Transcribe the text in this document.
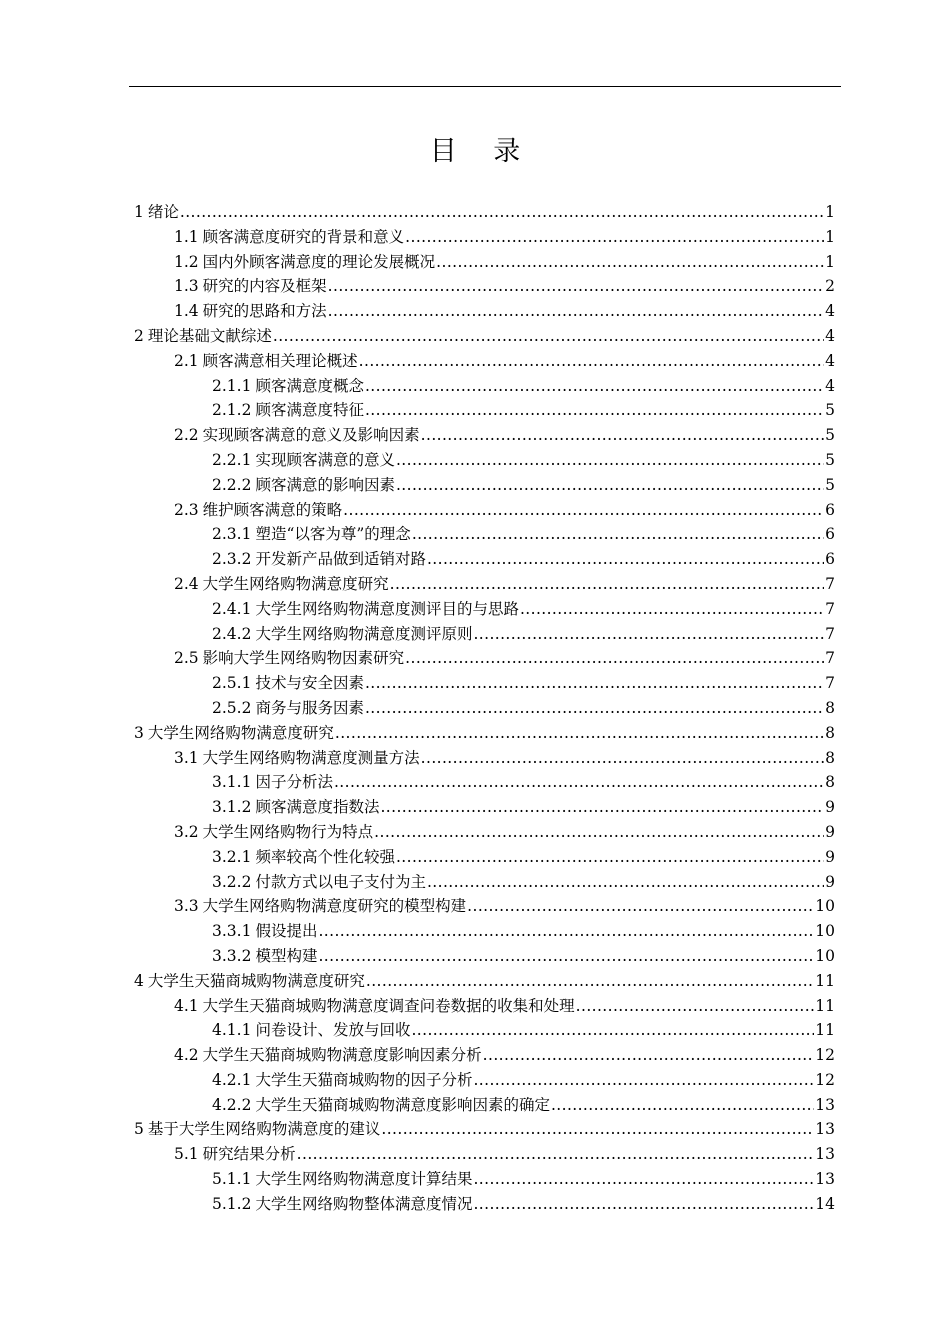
目 录
1 绪论 .....	1
1.1 顾客满意度研究的背景和意义 .....	1
1.2 国内外顾客满意度的理论发展概况 .....	1
1.3 研究的内容及框架 .....	2
1.4 研究的思路和方法 .....	4
2 理论基础文献综述 .....	4
2.1 顾客满意相关理论概述 .....	4
2.1.1 顾客满意度概念 .....	4
2.1.2 顾客满意度特征 .....	5
2.2 实现顾客满意的意义及影响因素 .....	5
2.2.1 实现顾客满意的意义 .....	5
2.2.2 顾客满意的影响因素 .....	5
2.3 维护顾客满意的策略 .....	6
2.3.1 塑造“以客为尊”的理念 .....	6
2.3.2 开发新产品做到适销对路 .....	6
2.4 大学生网络购物满意度研究 .....	7
2.4.1 大学生网络购物满意度测评目的与思路 .....	7
2.4.2 大学生网络购物满意度测评原则 .....	7
2.5 影响大学生网络购物因素研究 .....	7
2.5.1 技术与安全因素 .....	7
2.5.2 商务与服务因素 .....	8
3 大学生网络购物满意度研究 .....	8
3.1 大学生网络购物满意度测量方法 .....	8
3.1.1 因子分析法 .....	8
3.1.2 顾客满意度指数法 .....	9
3.2 大学生网络购物行为特点 .....	9
3.2.1 频率较高个性化较强 .....	9
3.2.2 付款方式以电子支付为主 .....	9
3.3 大学生网络购物满意度研究的模型构建 .....	10
3.3.1 假设提出 .....	10
3.3.2 模型构建 .....	10
4 大学生天猫商城购物满意度研究 .....	11
4.1 大学生天猫商城购物满意度调查问卷数据的收集和处理 .....	11
4.1.1 问卷设计、发放与回收 .....	11
4.2 大学生天猫商城购物满意度影响因素分析 .....	12
4.2.1 大学生天猫商城购物的因子分析 .....	12
4.2.2 大学生天猫商城购物满意度影响因素的确定 .....	13
5 基于大学生网络购物满意度的建议 .....	13
5.1 研究结果分析 .....	13
5.1.1 大学生网络购物满意度计算结果 .....	13
5.1.2 大学生网络购物整体满意度情况 .....	14
